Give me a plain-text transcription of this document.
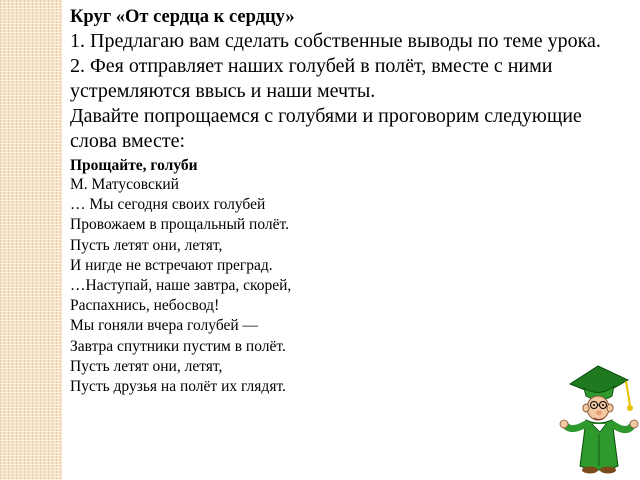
Круг «От сердца к сердцу»
1. Предлагаю вам сделать собственные выводы по теме урока.
2. Фея отправляет наших голубей в полёт, вместе с ними устремляются ввысь и наши мечты.
Давайте попрощаемся с голубями и проговорим следующие слова вместе:
Прощайте, голуби
М. Матусовский
… Мы сегодня своих голубей
Провожаем в прощальный полёт.
Пусть летят они, летят,
И нигде не встречают преград.
…Наступай, наше завтра, скорей,
Распахнись, небосвод!
Мы гоняли вчера голубей —
Завтра спутники пустим в полёт.
Пусть летят они, летят,
Пусть друзья на полёт их глядят.
